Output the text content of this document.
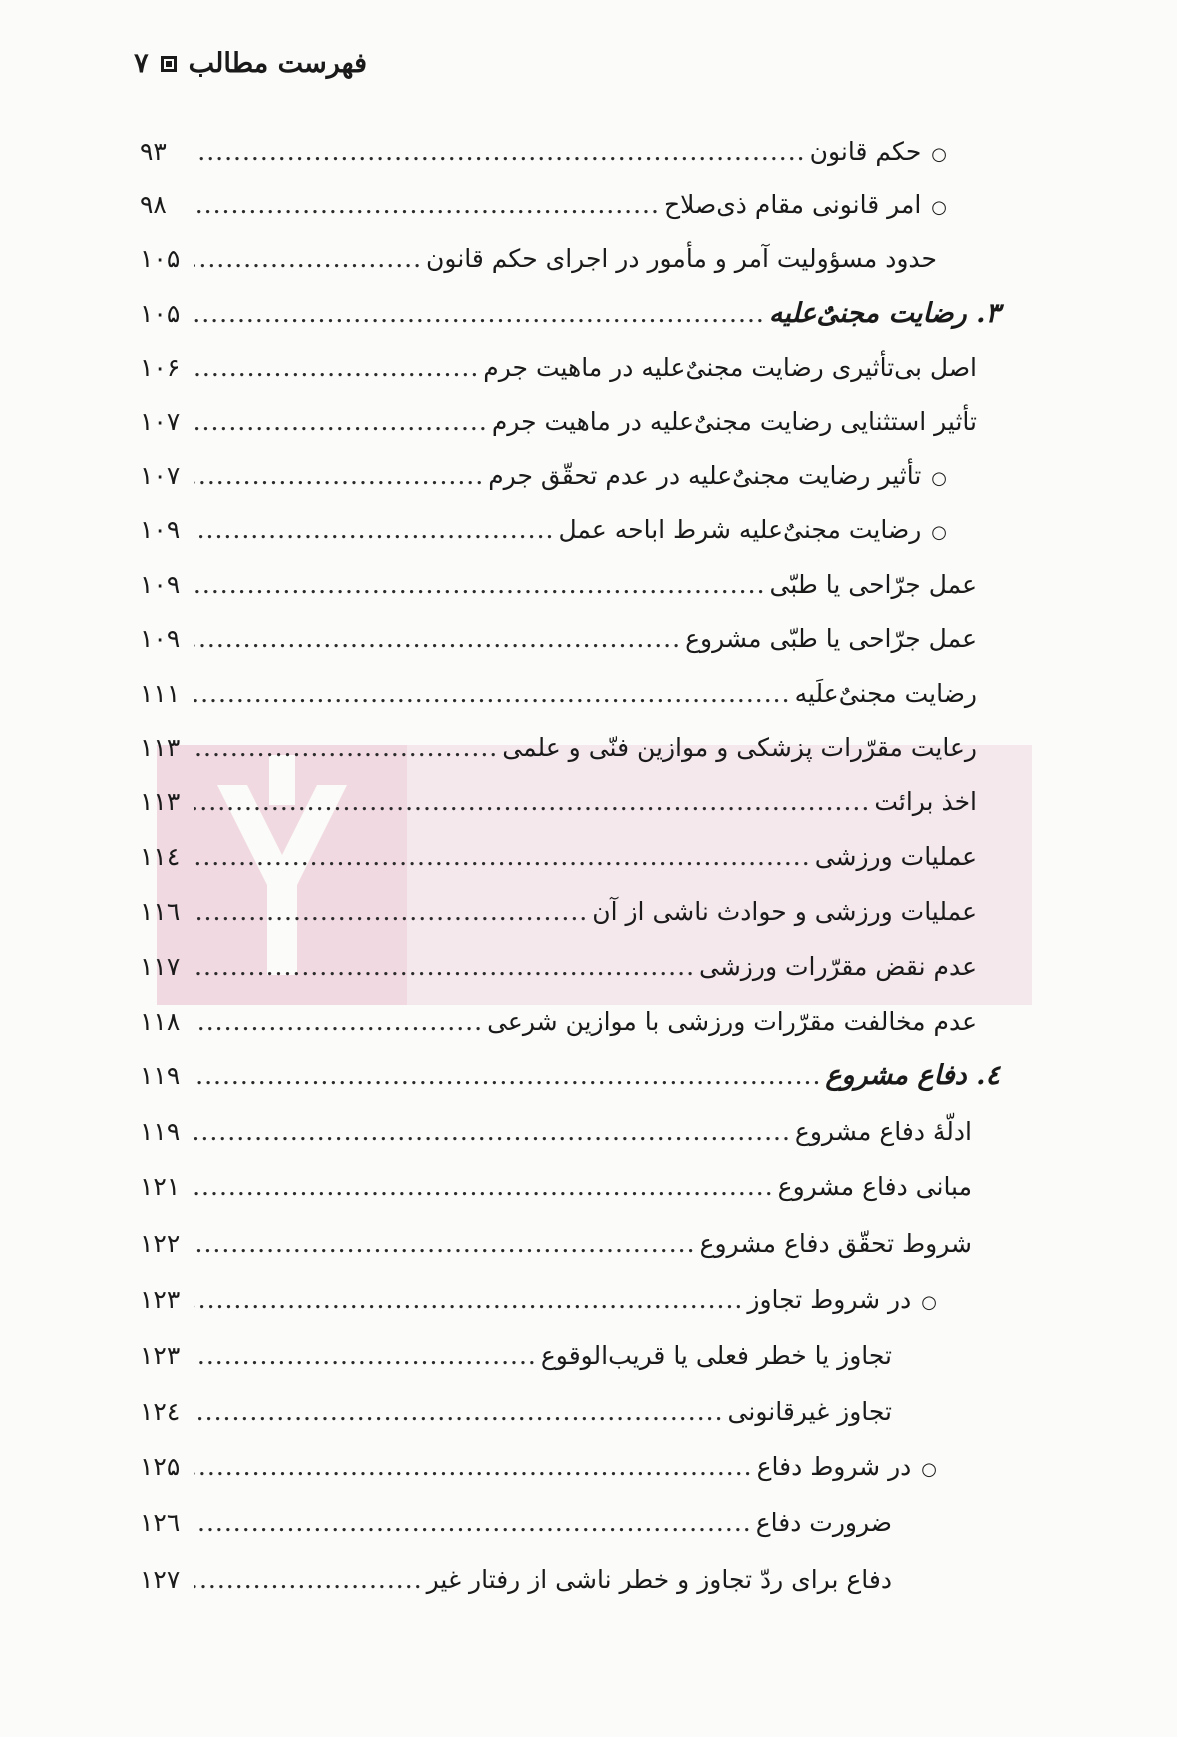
فهرست مطالب
۷
○
حکم قانون
.....
۹۳
○
امر قانونی مقام ذی‌صلاح
.....
۹۸
حدود مسؤولیت آمر و مأمور در اجرای حکم قانون
.....
۱۰۵
۳. رضایت مجنیٌ‌علیه
.....
۱۰۵
اصل بی‌تأثیری رضایت مجنیٌ‌علیه در ماهیت جرم
.....
۱۰۶
تأثیر استثنایی رضایت مجنیٌ‌علیه در ماهیت جرم
.....
۱۰۷
○
تأثیر رضایت مجنیٌ‌علیه در عدم تحقّق جرم
.....
۱۰۷
○
رضایت مجنیٌ‌علیه شرط اباحه عمل
.....
۱۰۹
عمل جرّاحی یا طبّی
.....
۱۰۹
عمل جرّاحی یا طبّی مشروع
.....
۱۰۹
رضایت مجنیٌ‌علَیه
.....
۱۱۱
رعایت مقرّرات پزشکی و موازین فنّی و علمی
.....
۱۱۳
اخذ برائت
.....
۱۱۳
عملیات ورزشی
.....
۱۱٤
عملیات ورزشی و حوادث ناشی از آن
.....
۱۱٦
عدم نقض مقرّرات ورزشی
.....
۱۱۷
عدم مخالفت مقرّرات ورزشی با موازین شرعی
.....
۱۱۸
٤. دفاع مشروع
.....
۱۱۹
ادلّهٔ دفاع مشروع
.....
۱۱۹
مبانی دفاع مشروع
.....
۱۲۱
شروط تحقّق دفاع مشروع
.....
۱۲۲
○
در شروط تجاوز
.....
۱۲۳
تجاوز یا خطر فعلی یا قریب‌الوقوع
.....
۱۲۳
تجاوز غیرقانونی
.....
۱۲٤
○
در شروط دفاع
.....
۱۲۵
ضرورت دفاع
.....
۱۲٦
دفاع برای ردّ تجاوز و خطر ناشی از رفتار غیر
.....
۱۲۷
